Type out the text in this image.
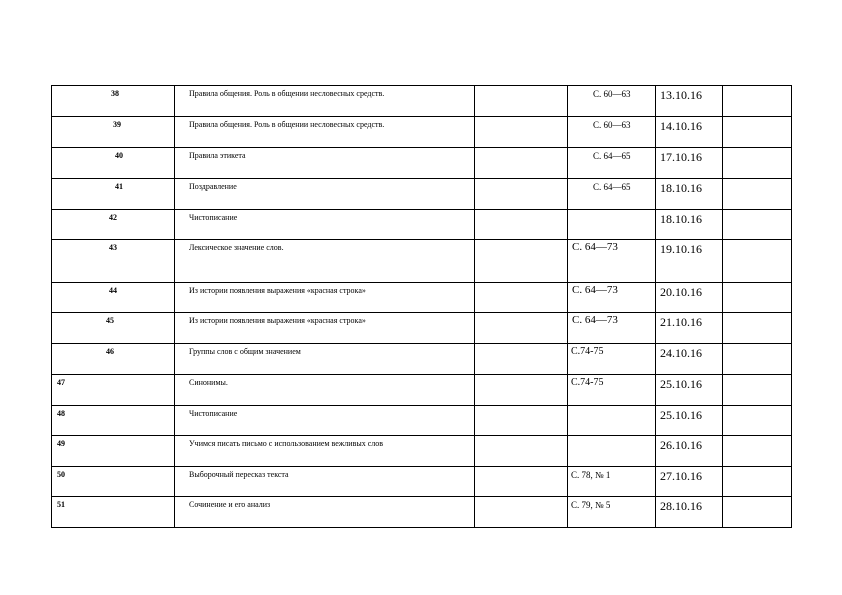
38	Правила общения. Роль в общении несловесных средств.		С. 60—63	13.10.16	

39	Правила общения. Роль в общении несловесных средств.		С. 60—63	14.10.16	

40	Правила этикета		С. 64—65	17.10.16	

41	Поздравление		С. 64—65	18.10.16	

42	Чистописание			18.10.16	

43	Лексическое значение слов.		С. 64—73	19.10.16	

44	Из истории появления выражения «красная строка»		С. 64—73	20.10.16	

45	Из истории появления выражения «красная строка»		С. 64—73	21.10.16	

46	Группы слов с общим значением		С.74-75	24.10.16	

47	Синонимы.		С.74-75	25.10.16	

48	Чистописание			25.10.16	

49	Учимся писать письмо с использованием вежливых слов			26.10.16	

50	Выборочный пересказ текста		С. 78, № 1	27.10.16	

51	Сочинение и его анализ		С. 79, № 5	28.10.16	
